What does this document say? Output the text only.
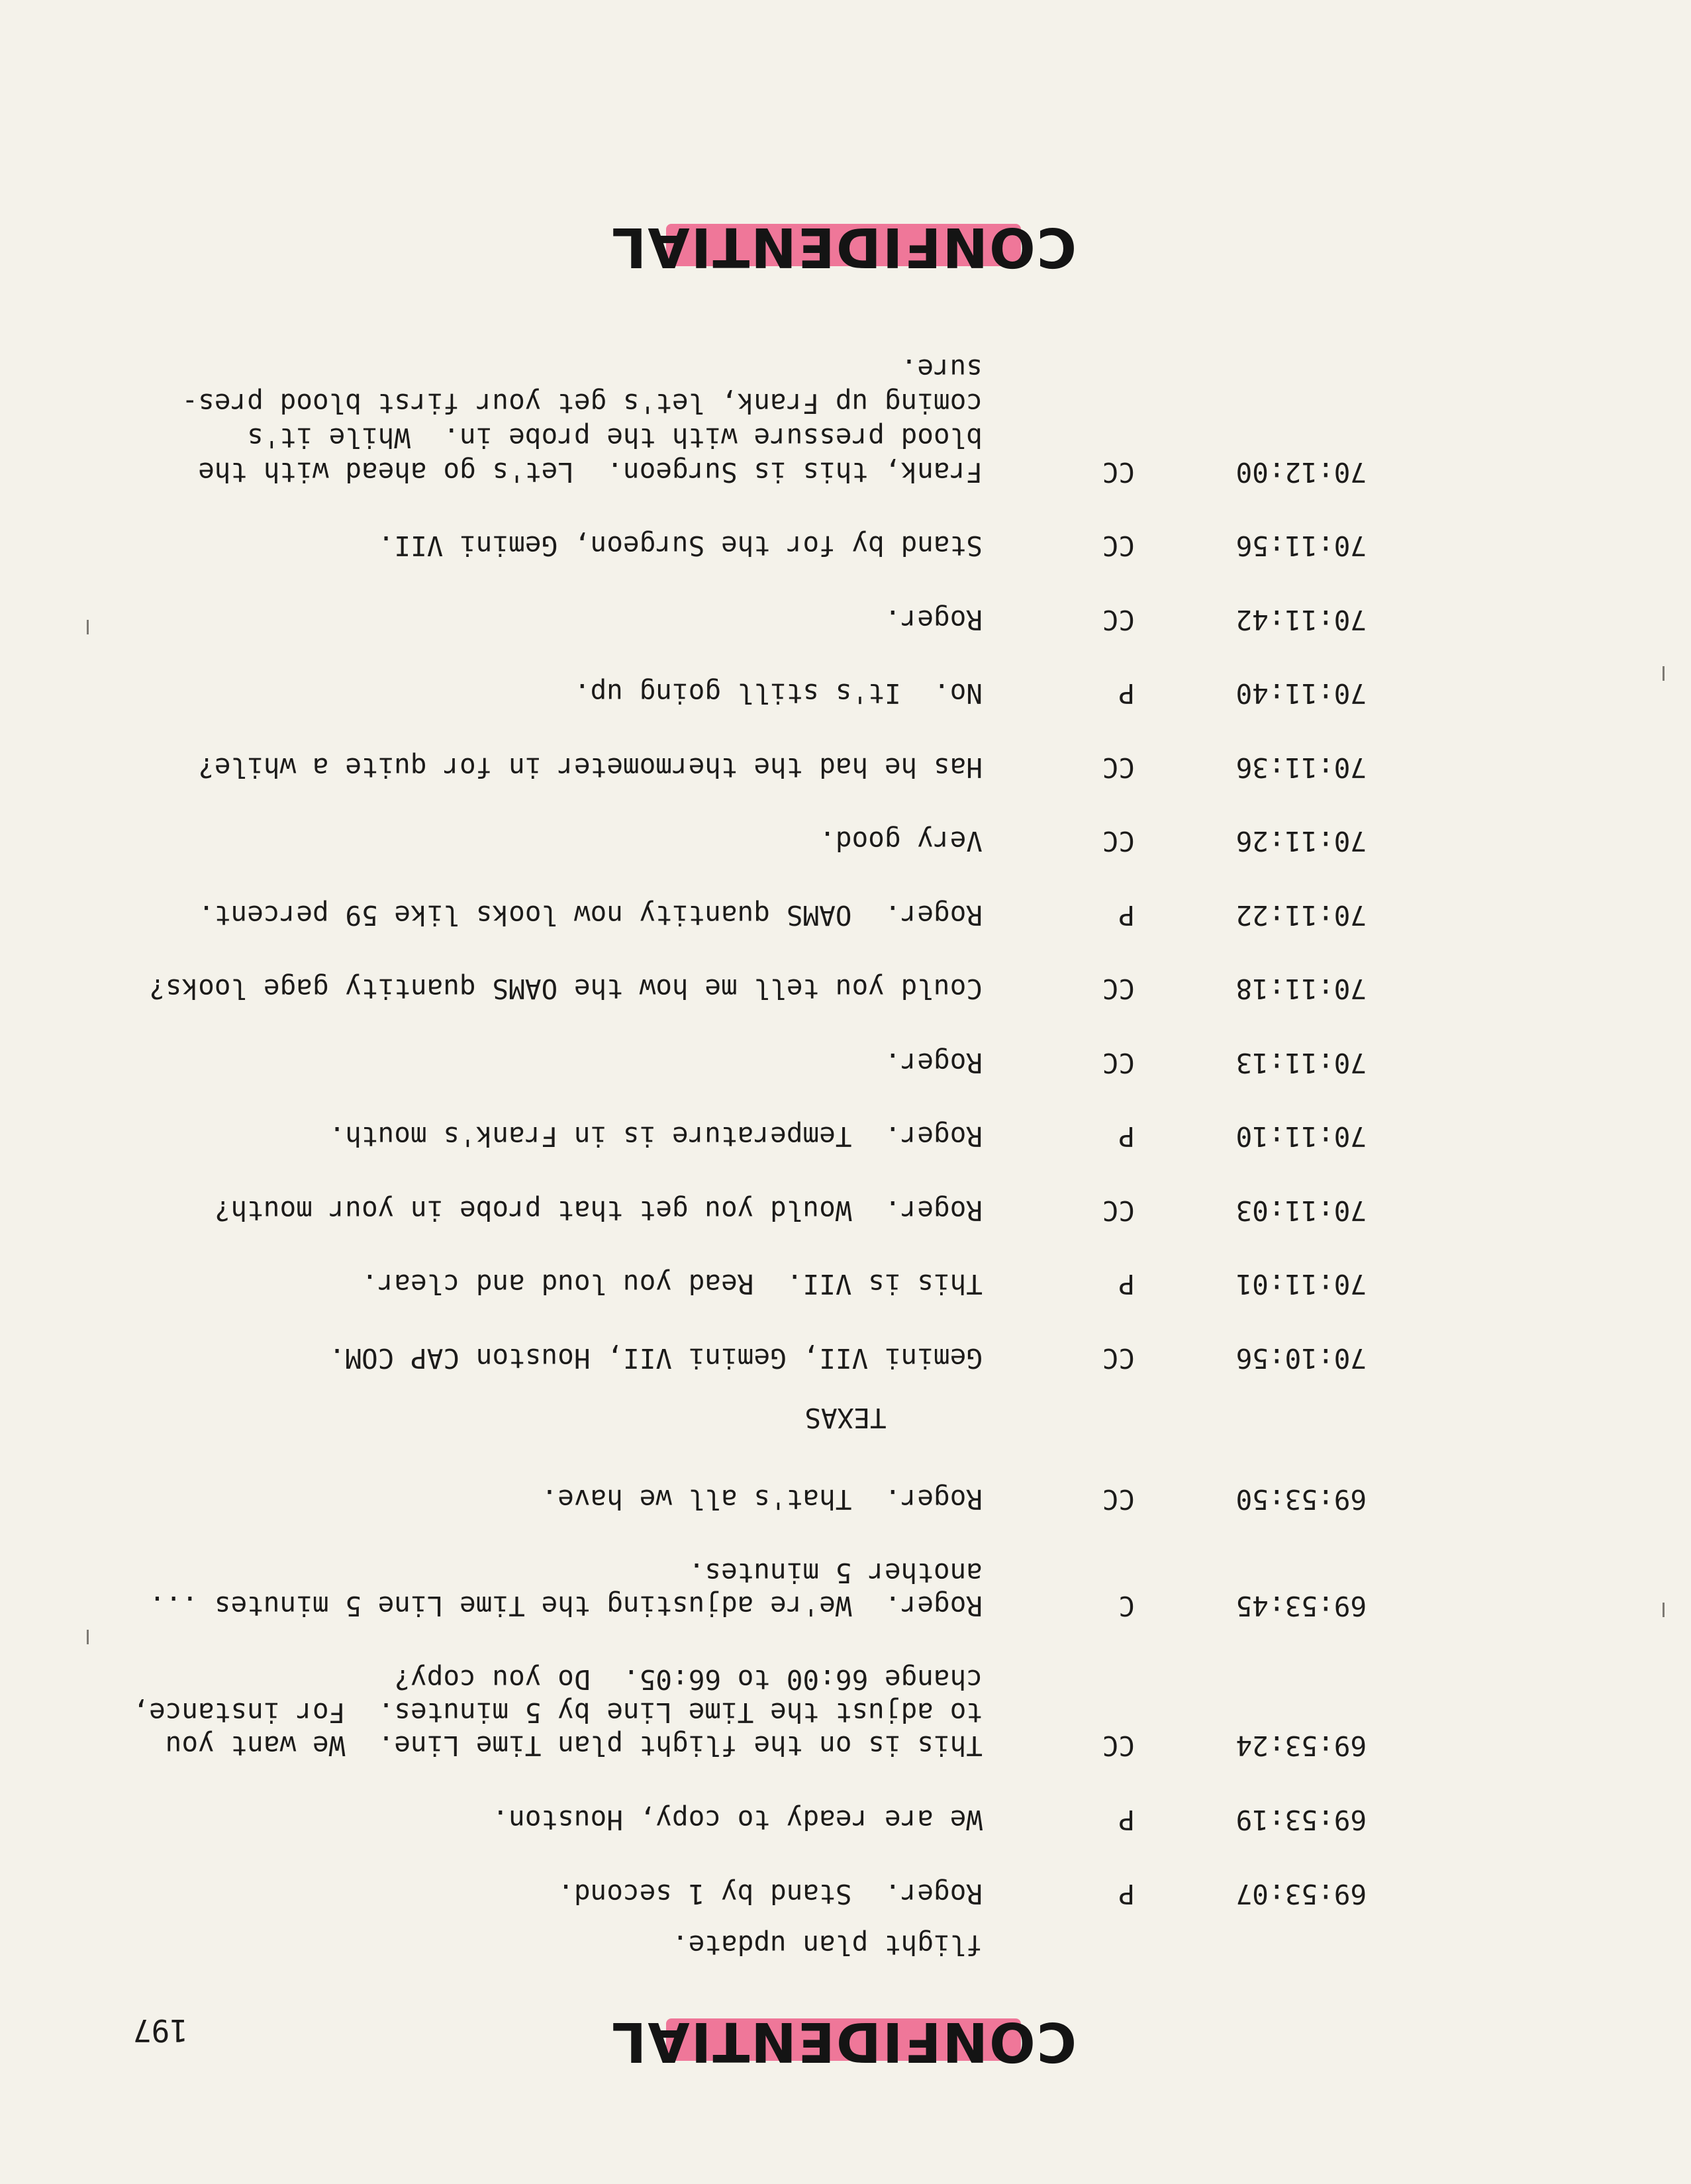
CONFIDENTIAL
197
flight plan update.
69:53:07
P
Roger.  Stand by 1 second.
69:53:19
P
We are ready to copy, Houston.
69:53:24
CC
This is on the flight plan Time Line.  We want you
to adjust the Time Line by 5 minutes.  For instance,
change 66:00 to 66:05.  Do you copy?
69:53:45
C
Roger.  We're adjusting the Time Line 5 minutes ...
another 5 minutes.
69:53:50
CC
Roger.  That's all we have.
TEXAS
70:10:56
CC
Gemini VII, Gemini VII, Houston CAP COM.
70:11:01
P
This is VII.  Read you loud and clear.
70:11:03
CC
Roger.  Would you get that probe in your mouth?
70:11:10
P
Roger.  Temperature is in Frank's mouth.
70:11:13
CC
Roger.
70:11:18
CC
Could you tell me how the OAMS quantity gage looks?
70:11:22
P
Roger.  OAMS quantity now looks like 59 percent.
70:11:26
CC
Very good.
70:11:36
CC
Has he had the thermometer in for quite a while?
70:11:40
P
No.  It's still going up.
70:11:42
CC
Roger.
70:11:56
CC
Stand by for the Surgeon, Gemini VII.
70:12:00
CC
Frank, this is Surgeon.  Let's go ahead with the
blood pressure with the probe in.  While it's
coming up Frank, let's get your first blood pres-
sure.
CONFIDENTIAL
